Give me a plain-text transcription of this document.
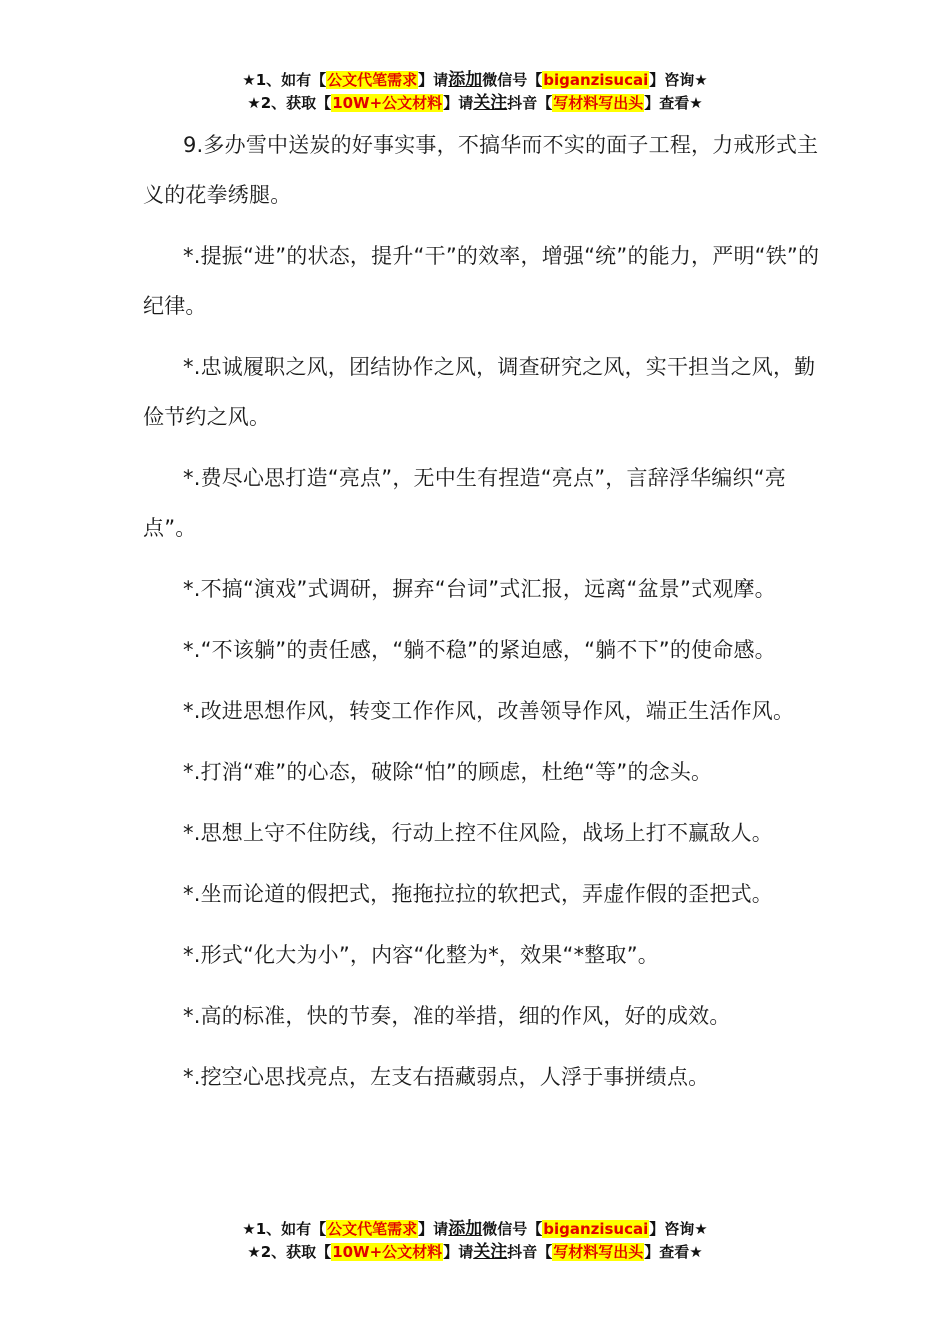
★1、如有【公文代笔需求】请添加微信号【biganzisucai】咨询★
★2、获取【10W+公文材料】请关注抖音【写材料写出头】查看★

9.多办雪中送炭的好事实事，不搞华而不实的面子工程，力戒形式主义的花拳绣腿。

*.提振“进”的状态，提升“干”的效率，增强“统”的能力，严明“铁”的纪律。

*.忠诚履职之风，团结协作之风，调查研究之风，实干担当之风，勤俭节约之风。

*.费尽心思打造“亮点”，无中生有捏造“亮点”，言辞浮华编织“亮点”。

*.不搞“演戏”式调研，摒弃“台词”式汇报，远离“盆景”式观摩。

*.“不该躺”的责任感，“躺不稳”的紧迫感，“躺不下”的使命感。

*.改进思想作风，转变工作作风，改善领导作风，端正生活作风。

*.打消“难”的心态，破除“怕”的顾虑，杜绝“等”的念头。

*.思想上守不住防线，行动上控不住风险，战场上打不赢敌人。

*.坐而论道的假把式，拖拖拉拉的软把式，弄虚作假的歪把式。

*.形式“化大为小”，内容“化整为*，效果“*整取”。

*.高的标准，快的节奏，准的举措，细的作风，好的成效。

*.挖空心思找亮点，左支右捂藏弱点，人浮于事拼绩点。

★1、如有【公文代笔需求】请添加微信号【biganzisucai】咨询★
★2、获取【10W+公文材料】请关注抖音【写材料写出头】查看★
